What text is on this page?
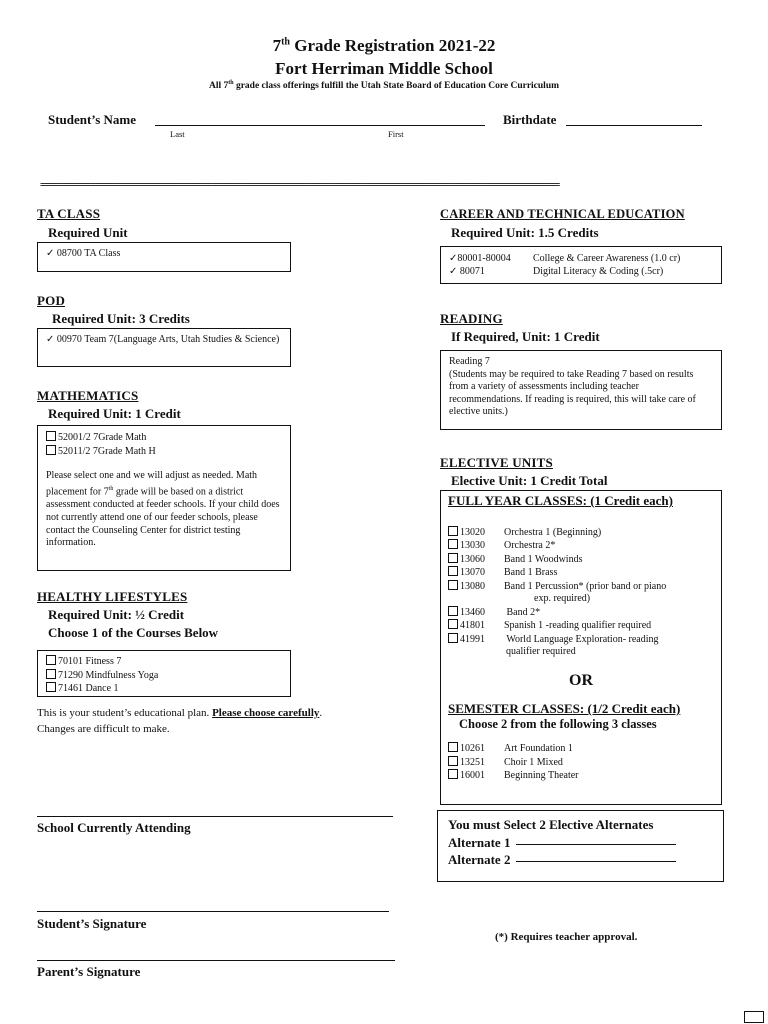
7th Grade Registration 2021-22
Fort Herriman Middle School
All 7th grade class offerings fulfill the Utah State Board of Education Core Curriculum
Student’s Name
Last	First
Birthdate
==============================================================================================
TA CLASS
Required Unit
✓ 08700 TA Class
POD
Required Unit: 3 Credits
✓ 00970 Team 7(Language Arts, Utah Studies & Science)
MATHEMATICS
Required Unit: 1 Credit
52001/2 7Grade Math
52011/2 7Grade Math H
Please select one and we will adjust as needed. Math placement for 7th grade will be based on a district assessment conducted at feeder schools. If your child does not currently attend one of our feeder schools, please contact the Counseling Center for district testing information.
HEALTHY LIFESTYLES
Required Unit: ½ Credit
Choose 1 of the Courses Below
70101 Fitness 7
71290 Mindfulness Yoga
71461 Dance 1
This is your student’s educational plan. Please choose carefully. Changes are difficult to make.
School Currently Attending
Student’s Signature
Parent’s Signature
CAREER AND TECHNICAL EDUCATION
Required Unit: 1.5 Credits
✓80001-80004 College & Career Awareness (1.0 cr)
✓ 80071	Digital Literacy & Coding (.5cr)
READING
If Required, Unit: 1 Credit
Reading 7
(Students may be required to take Reading 7 based on results from a variety of assessments including teacher recommendations. If reading is required, this will take care of elective units.)
ELECTIVE UNITS
Elective Unit: 1 Credit Total
FULL YEAR CLASSES: (1 Credit each)
13020 Orchestra 1 (Beginning)
13030 Orchestra 2*
13060 Band 1 Woodwinds
13070 Band 1 Brass
13080 Band 1 Percussion* (prior band or piano
exp. required)
13460 Band 2*
41801 Spanish 1 -reading qualifier required
41991 World Language Exploration- reading
qualifier required
OR
SEMESTER CLASSES: (1/2 Credit each)
Choose 2 from the following 3 classes
10261 Art Foundation 1
13251 Choir 1 Mixed
16001 Beginning Theater
You must Select 2 Elective Alternates
Alternate 1
Alternate 2
(*) Requires teacher approval.
